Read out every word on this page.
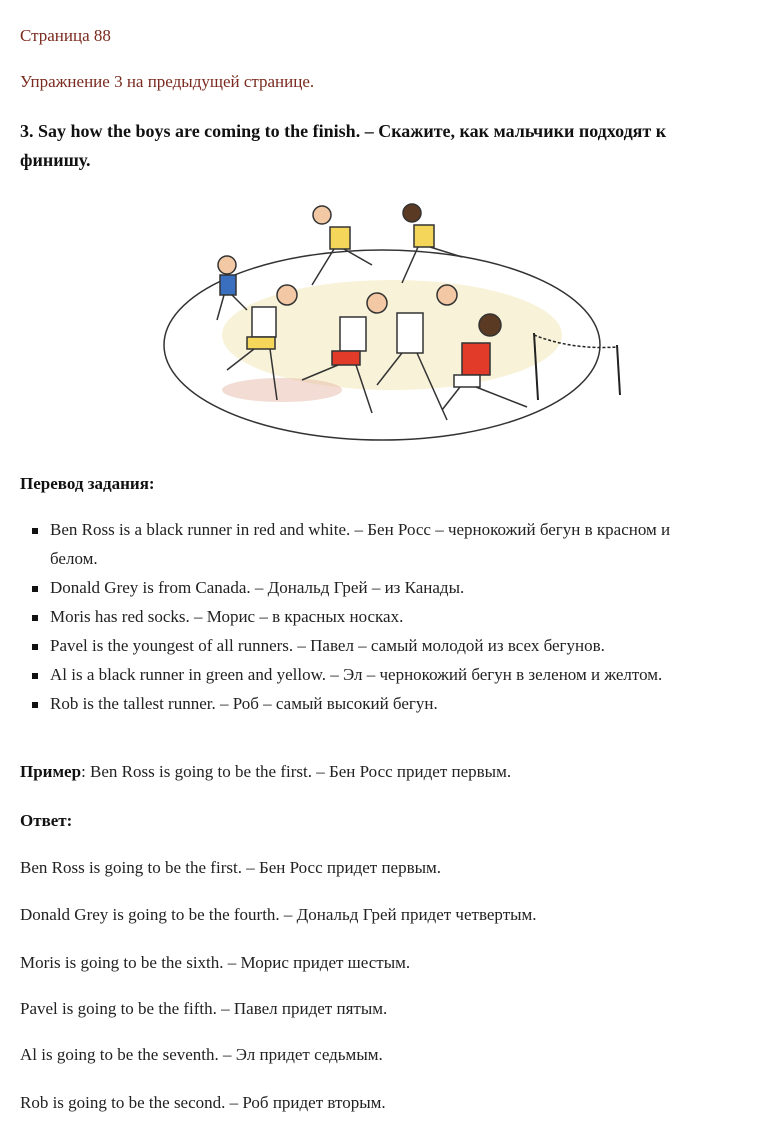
Страница 88
Упражнение 3 на предыдущей странице.
3. Say how the boys are coming to the finish. – Скажите, как мальчики подходят к финишу.
Перевод задания:
Ben Ross is a black runner in red and white. – Бен Росс – чернокожий бегун в красном и белом.
Donald Grey is from Canada. – Дональд Грей – из Канады.
Moris has red socks. – Морис – в красных носках.
Pavel is the youngest of all runners. – Павел – самый молодой из всех бегунов.
Al is a black runner in green and yellow. – Эл – чернокожий бегун в зеленом и желтом.
Rob is the tallest runner. – Роб – самый высокий бегун.
Пример: Ben Ross is going to be the first. – Бен Росс придет первым.
Ответ:
Ben Ross is going to be the first. – Бен Росс придет первым.
Donald Grey is going to be the fourth. – Дональд Грей придет четвертым.
Moris is going to be the sixth. – Морис придет шестым.
Pavel is going to be the fifth. – Павел придет пятым.
Al is going to be the seventh. – Эл придет седьмым.
Rob is going to be the second. – Роб придет вторым.
